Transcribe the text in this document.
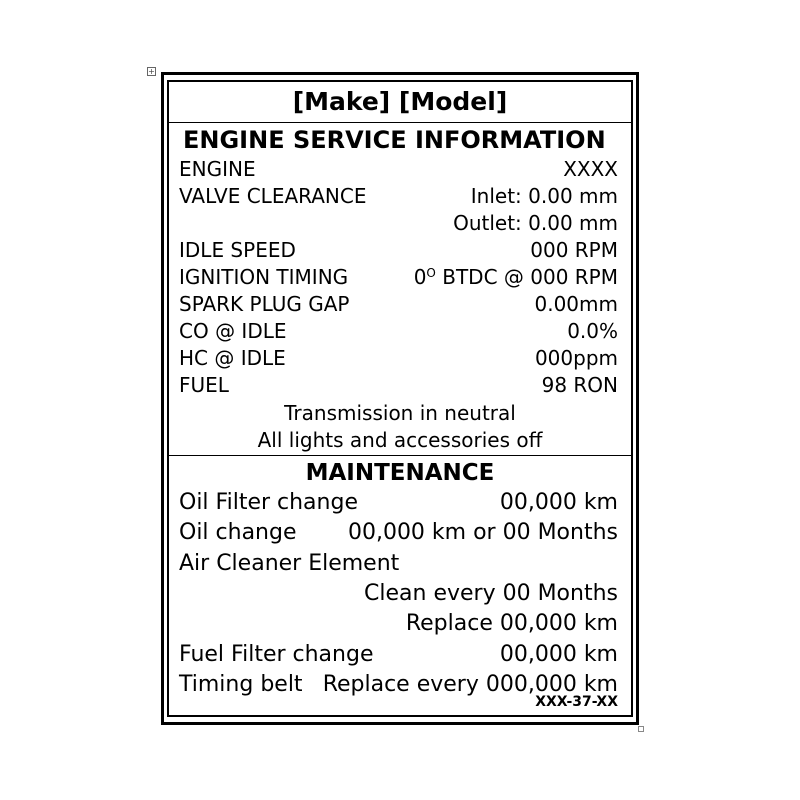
+
[Make] [Model]
ENGINE SERVICE INFORMATION
ENGINE	XXXX
VALVE CLEARANCE	Inlet: 0.00 mm
Outlet: 0.00 mm
IDLE SPEED	000 RPM
IGNITION TIMING	$0^O$ BTDC @ 000 RPM
SPARK PLUG GAP	0.00mm
CO @ IDLE	0.0%
HC @ IDLE	000ppm
FUEL	98 RON
Transmission in neutral
All lights and accessories off
MAINTENANCE
Oil Filter change	00,000 km
Oil change 00,000 km or 00 Months
Air Cleaner Element
Clean every 00 Months
Replace 00,000 km
Fuel Filter change	00,000 km
Timing belt Replace every 000,000 km
XXX-37-XX
